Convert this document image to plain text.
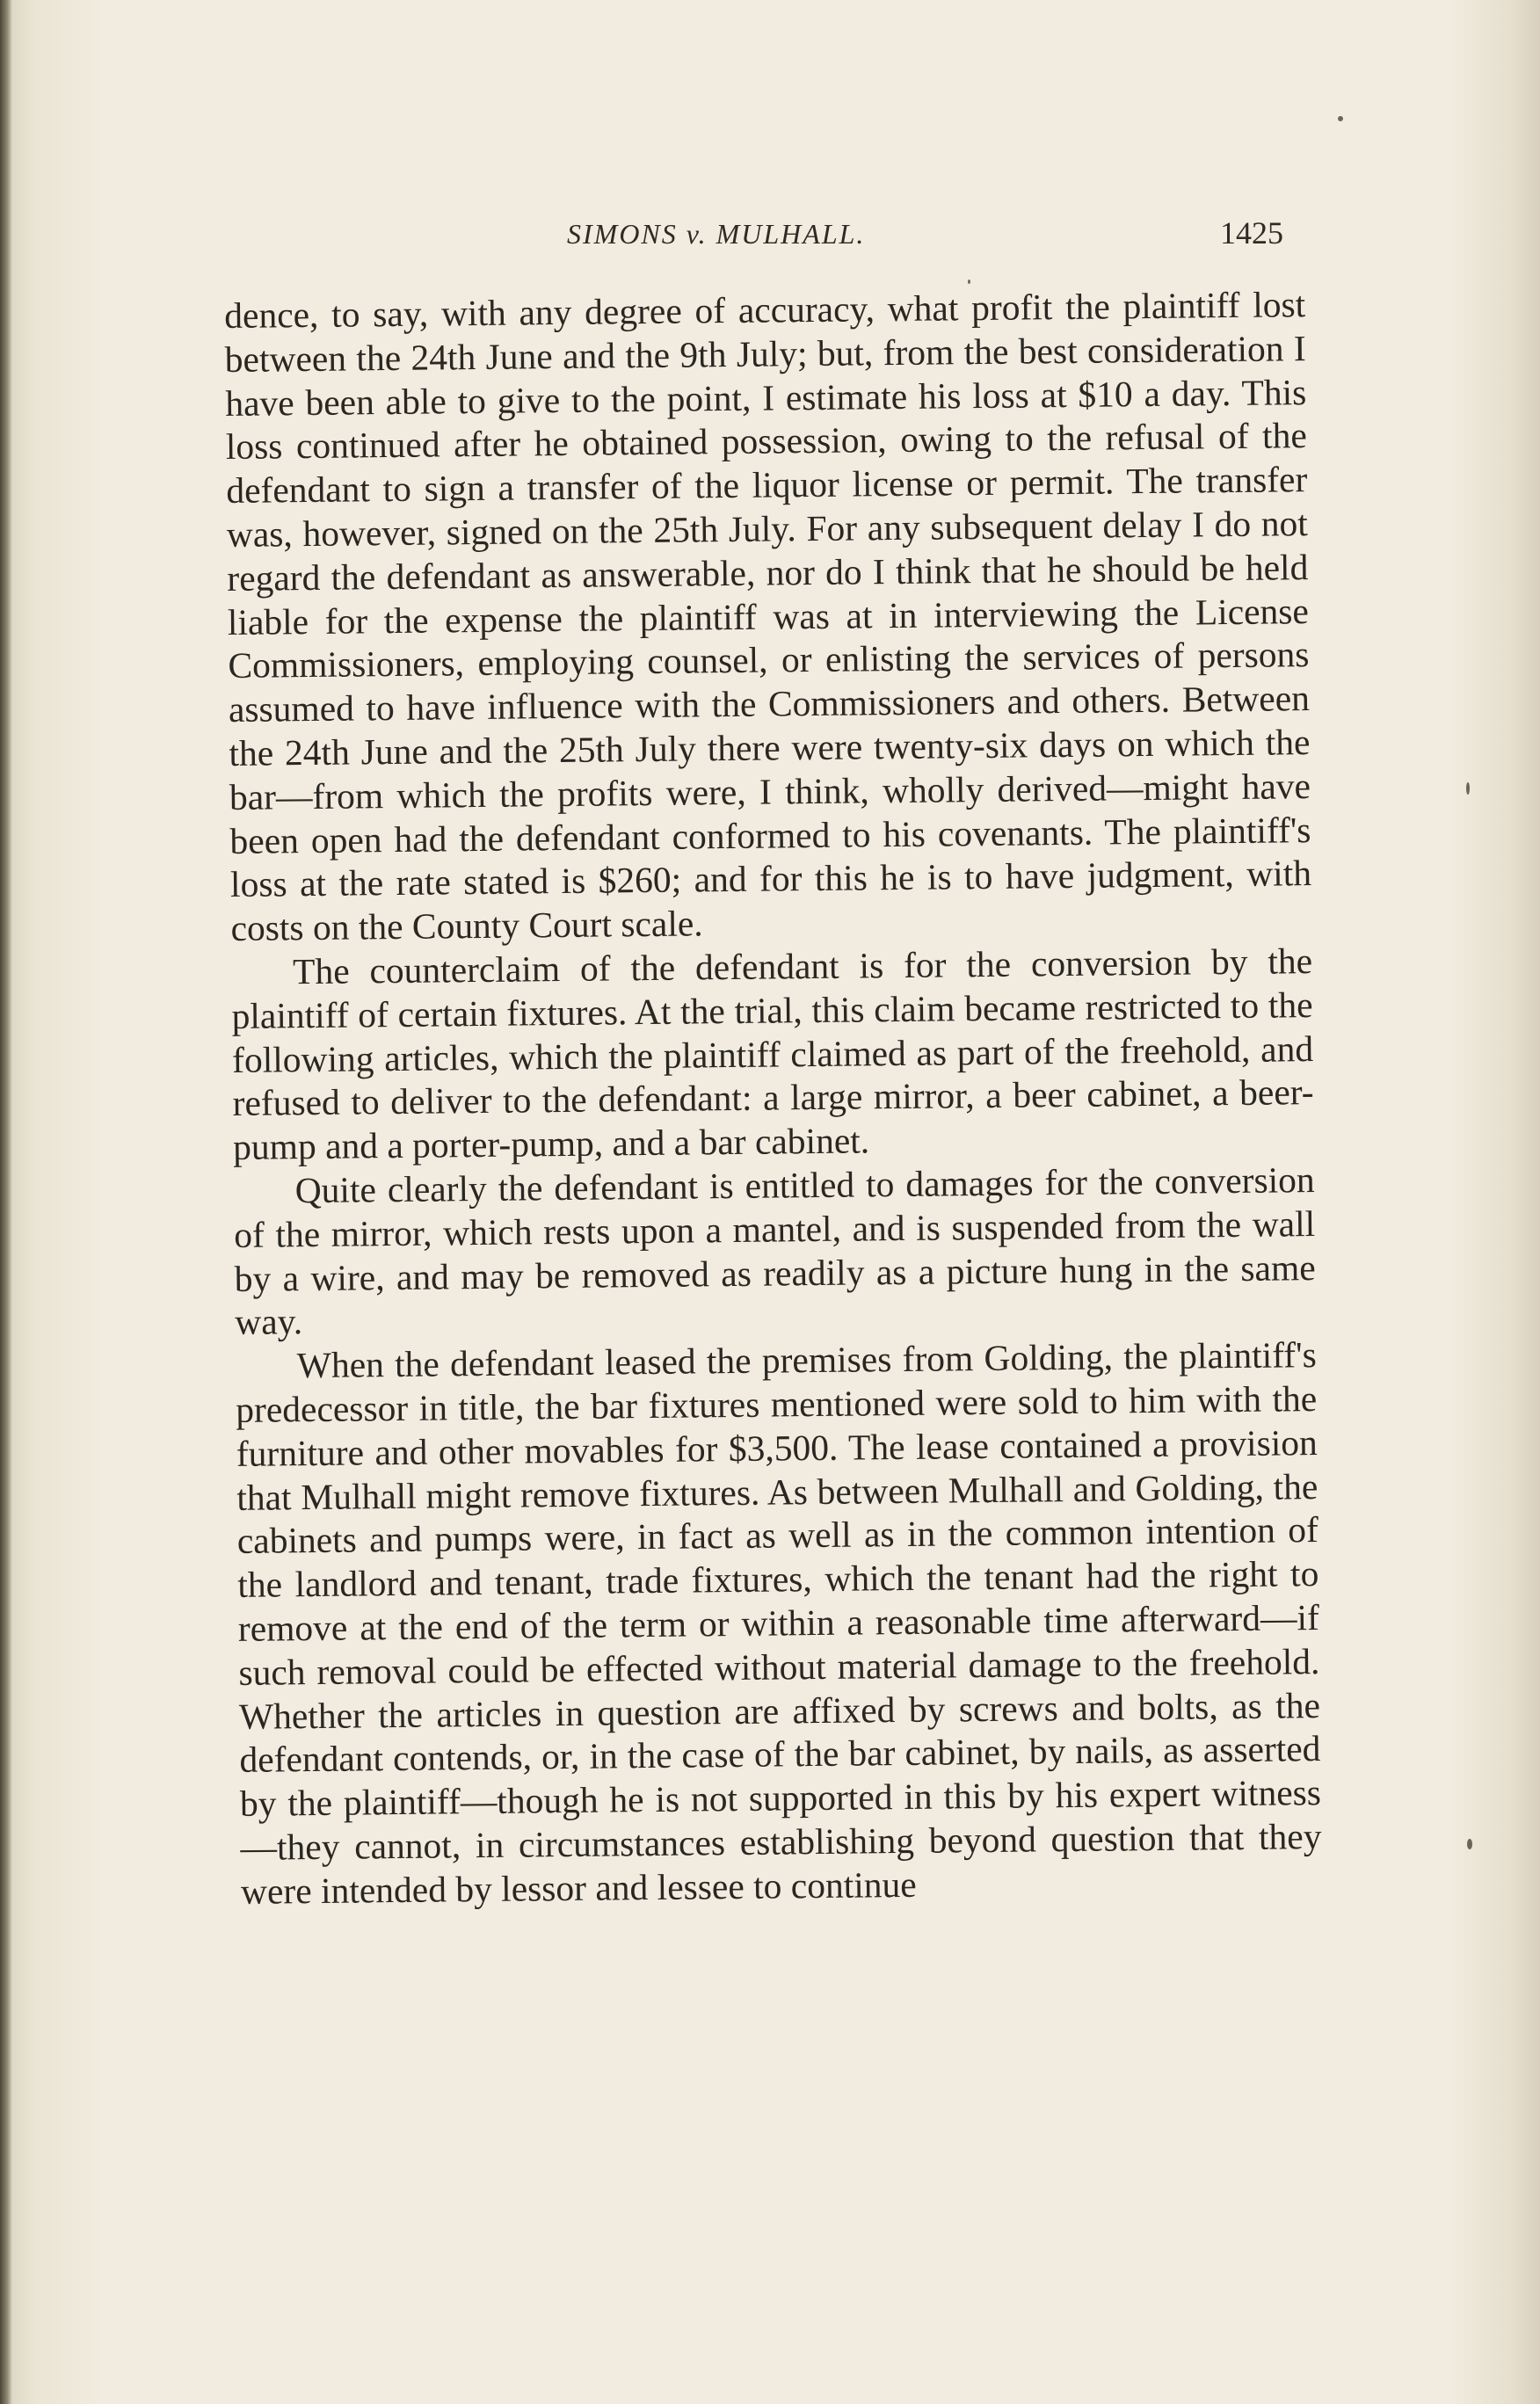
SIMONS v. MULHALL.	1425

dence, to say, with any degree of accuracy, what profit the plaintiff lost between the 24th June and the 9th July; but, from the best consideration I have been able to give to the point, I estimate his loss at $10 a day. This loss continued after he obtained possession, owing to the refusal of the defendant to sign a transfer of the liquor license or permit. The transfer was, however, signed on the 25th July. For any subsequent delay I do not regard the defendant as answerable, nor do I think that he should be held liable for the expense the plaintiff was at in interviewing the License Commissioners, employing counsel, or enlisting the services of persons assumed to have influence with the Commissioners and others. Between the 24th June and the 25th July there were twenty-six days on which the bar—from which the profits were, I think, wholly derived—might have been open had the defendant conformed to his covenants. The plaintiff's loss at the rate stated is $260; and for this he is to have judgment, with costs on the County Court scale.

The counterclaim of the defendant is for the conversion by the plaintiff of certain fixtures. At the trial, this claim became restricted to the following articles, which the plaintiff claimed as part of the freehold, and refused to deliver to the defendant: a large mirror, a beer cabinet, a beer-pump and a porter-pump, and a bar cabinet.

Quite clearly the defendant is entitled to damages for the conversion of the mirror, which rests upon a mantel, and is suspended from the wall by a wire, and may be removed as readily as a picture hung in the same way.

When the defendant leased the premises from Golding, the plaintiff's predecessor in title, the bar fixtures mentioned were sold to him with the furniture and other movables for $3,500. The lease contained a provision that Mulhall might remove fixtures. As between Mulhall and Golding, the cabinets and pumps were, in fact as well as in the common intention of the landlord and tenant, trade fixtures, which the tenant had the right to remove at the end of the term or within a reasonable time afterward—if such removal could be effected without material damage to the freehold. Whether the articles in question are affixed by screws and bolts, as the defendant contends, or, in the case of the bar cabinet, by nails, as asserted by the plaintiff—though he is not supported in this by his expert witness—they cannot, in circumstances establishing beyond question that they were intended by lessor and lessee to continue
